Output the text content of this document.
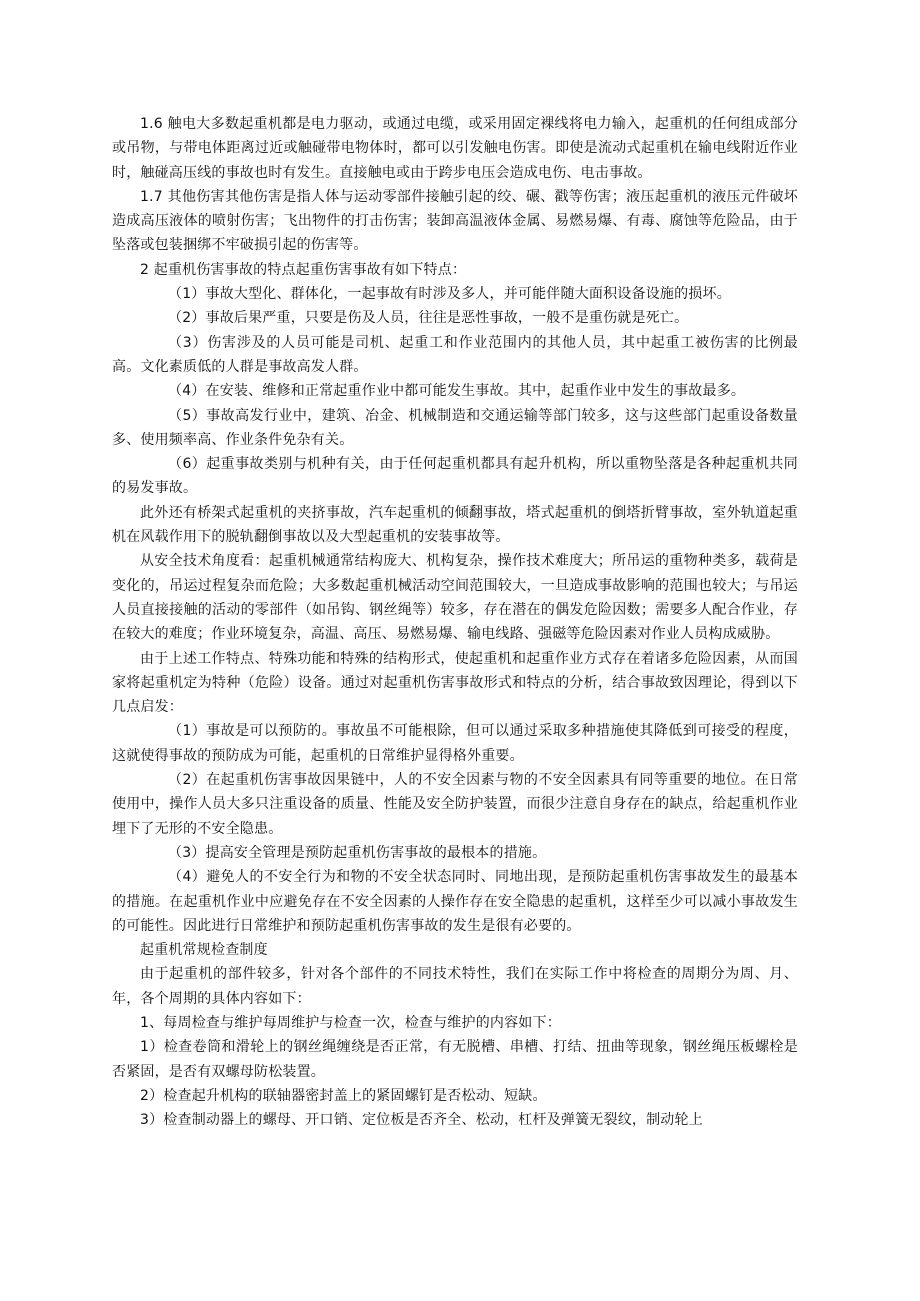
1.6 触电大多数起重机都是电力驱动，或通过电缆，或采用固定裸线将电力输入，起重机的任何组成部分或吊物，与带电体距离过近或触碰带电物体时，都可以引发触电伤害。即使是流动式起重机在输电线附近作业时，触碰高压线的事故也时有发生。直接触电或由于跨步电压会造成电伤、电击事故。

1.7 其他伤害其他伤害是指人体与运动零部件接触引起的绞、碾、戳等伤害；液压起重机的液压元件破坏造成高压液体的喷射伤害；飞出物件的打击伤害；装卸高温液体金属、易燃易爆、有毒、腐蚀等危险品，由于坠落或包装捆绑不牢破损引起的伤害等。

2 起重机伤害事故的特点起重伤害事故有如下特点：

（1）事故大型化、群体化，一起事故有时涉及多人，并可能伴随大面积设备设施的损坏。

（2）事故后果严重，只要是伤及人员，往往是恶性事故，一般不是重伤就是死亡。

（3）伤害涉及的人员可能是司机、起重工和作业范围内的其他人员，其中起重工被伤害的比例最高。文化素质低的人群是事故高发人群。

（4）在安装、维修和正常起重作业中都可能发生事故。其中，起重作业中发生的事故最多。

（5）事故高发行业中，建筑、冶金、机械制造和交通运输等部门较多，这与这些部门起重设备数量多、使用频率高、作业条件免杂有关。

（6）起重事故类别与机种有关，由于任何起重机都具有起升机构，所以重物坠落是各种起重机共同的易发事故。

此外还有桥架式起重机的夹挤事故，汽车起重机的倾翻事故，塔式起重机的倒塔折臂事故，室外轨道起重机在风载作用下的脱轨翻倒事故以及大型起重机的安装事故等。

从安全技术角度看：起重机械通常结构庞大、机构复杂，操作技术难度大；所吊运的重物种类多，载荷是变化的，吊运过程复杂而危险；大多数起重机械活动空间范围较大，一旦造成事故影响的范围也较大；与吊运人员直接接触的活动的零部件（如吊钩、钢丝绳等）较多，存在潜在的偶发危险因数；需要多人配合作业，存在较大的难度；作业环境复杂，高温、高压、易燃易爆、输电线路、强磁等危险因素对作业人员构成威胁。

由于上述工作特点、特殊功能和特殊的结构形式，使起重机和起重作业方式存在着诸多危险因素，从而国家将起重机定为特种（危险）设备。通过对起重机伤害事故形式和特点的分析，结合事故致因理论，得到以下几点启发：

（1）事故是可以预防的。事故虽不可能根除，但可以通过采取多种措施使其降低到可接受的程度，这就使得事故的预防成为可能，起重机的日常维护显得格外重要。

（2）在起重机伤害事故因果链中，人的不安全因素与物的不安全因素具有同等重要的地位。在日常使用中，操作人员大多只注重设备的质量、性能及安全防护装置，而很少注意自身存在的缺点，给起重机作业埋下了无形的不安全隐患。

（3）提高安全管理是预防起重机伤害事故的最根本的措施。

（4）避免人的不安全行为和物的不安全状态同时、同地出现，是预防起重机伤害事故发生的最基本的措施。在起重机作业中应避免存在不安全因素的人操作存在安全隐患的起重机，这样至少可以减小事故发生的可能性。因此进行日常维护和预防起重机伤害事故的发生是很有必要的。

起重机常规检查制度

由于起重机的部件较多，针对各个部件的不同技术特性，我们在实际工作中将检查的周期分为周、月、年，各个周期的具体内容如下：

1、每周检查与维护每周维护与检查一次，检查与维护的内容如下：

1）检查卷筒和滑轮上的钢丝绳缠绕是否正常，有无脱槽、串槽、打结、扭曲等现象，钢丝绳压板螺栓是否紧固，是否有双螺母防松装置。

2）检查起升机构的联轴器密封盖上的紧固螺钉是否松动、短缺。

3）检查制动器上的螺母、开口销、定位板是否齐全、松动，杠杆及弹簧无裂纹，制动轮上
